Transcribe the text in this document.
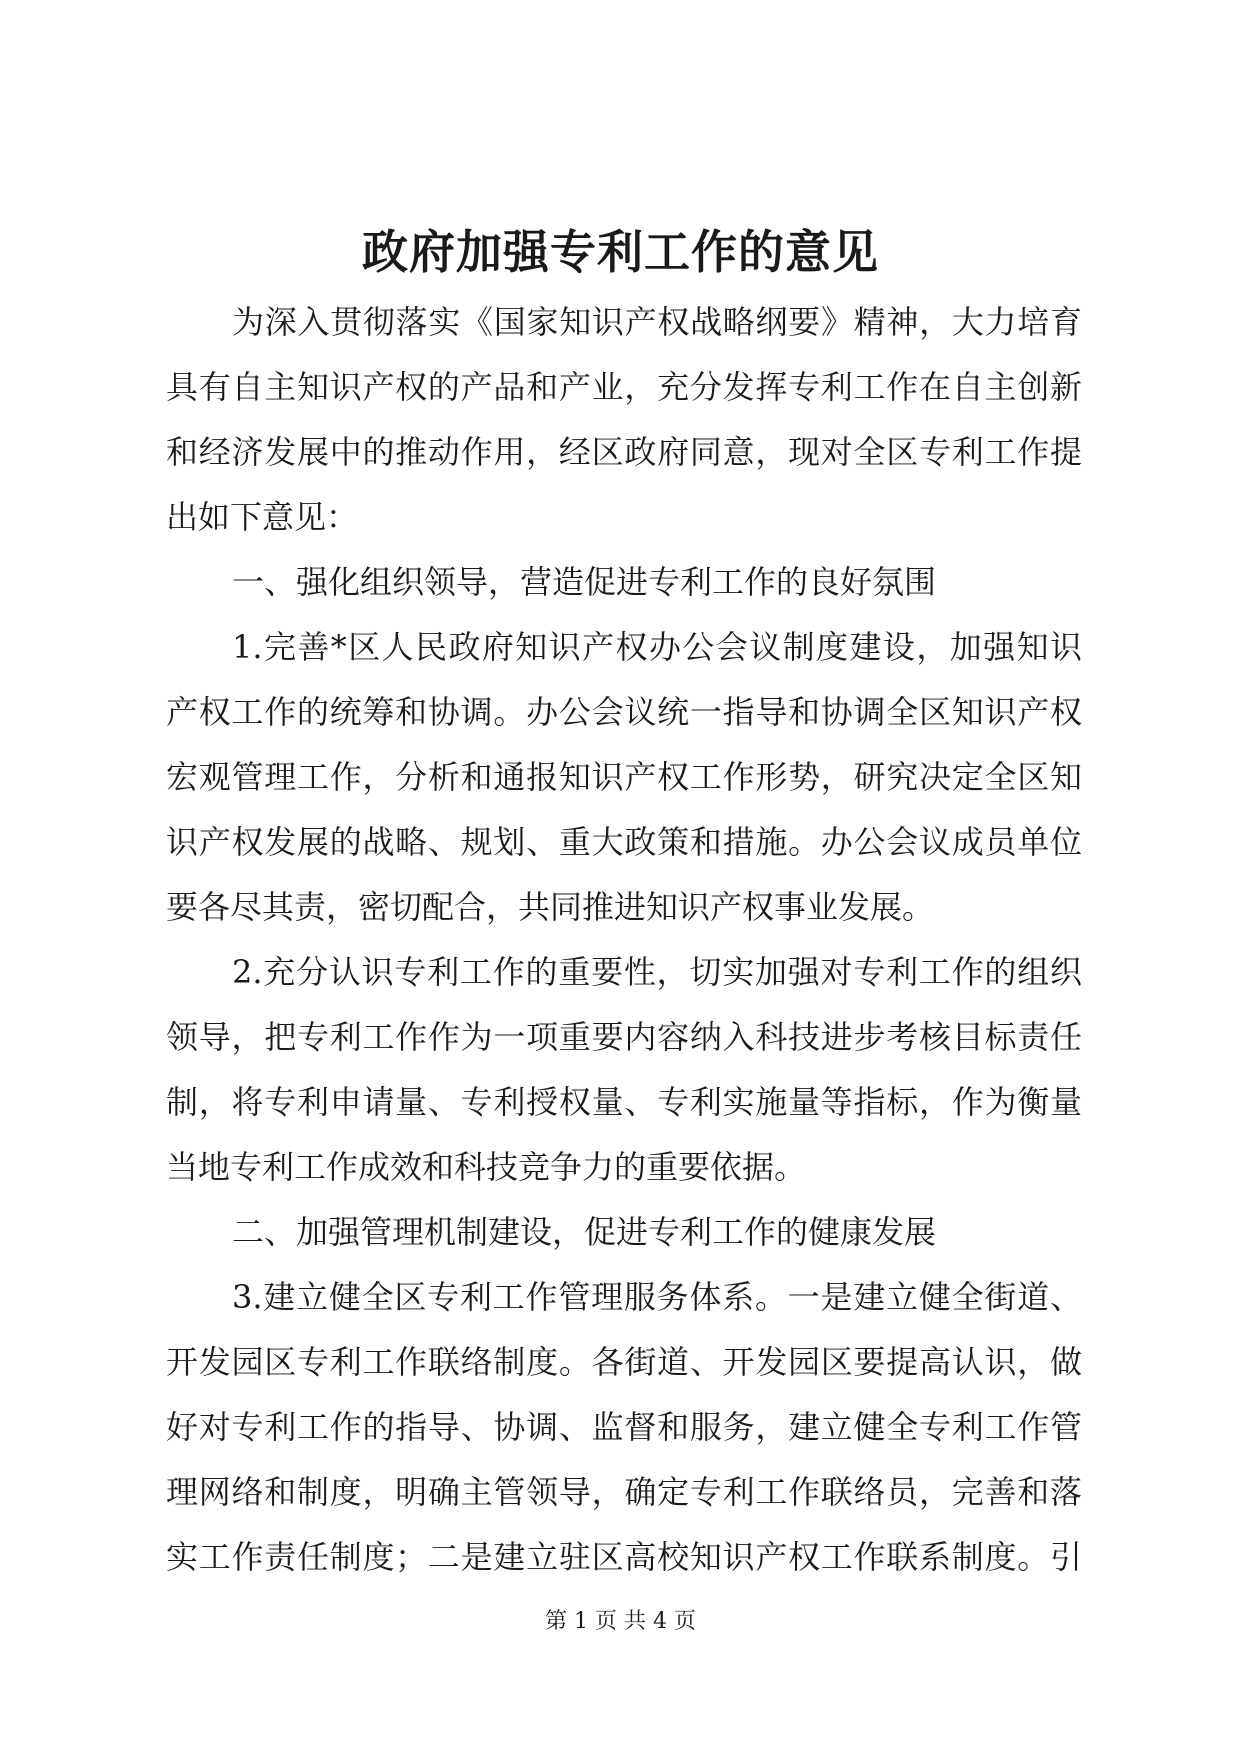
政府加强专利工作的意见
为深入贯彻落实《国家知识产权战略纲要》精神，大力培育
具有自主知识产权的产品和产业，充分发挥专利工作在自主创新
和经济发展中的推动作用，经区政府同意，现对全区专利工作提
出如下意见：
一、强化组织领导，营造促进专利工作的良好氛围
1.完善*区人民政府知识产权办公会议制度建设，加强知识
产权工作的统筹和协调。办公会议统一指导和协调全区知识产权
宏观管理工作，分析和通报知识产权工作形势，研究决定全区知
识产权发展的战略、规划、重大政策和措施。办公会议成员单位
要各尽其责，密切配合，共同推进知识产权事业发展。
2.充分认识专利工作的重要性，切实加强对专利工作的组织
领导，把专利工作作为一项重要内容纳入科技进步考核目标责任
制，将专利申请量、专利授权量、专利实施量等指标，作为衡量
当地专利工作成效和科技竞争力的重要依据。
二、加强管理机制建设，促进专利工作的健康发展
3.建立健全区专利工作管理服务体系。一是建立健全街道、
开发园区专利工作联络制度。各街道、开发园区要提高认识，做
好对专利工作的指导、协调、监督和服务，建立健全专利工作管
理网络和制度，明确主管领导，确定专利工作联络员，完善和落
实工作责任制度；二是建立驻区高校知识产权工作联系制度。引
第 1 页 共 4 页
